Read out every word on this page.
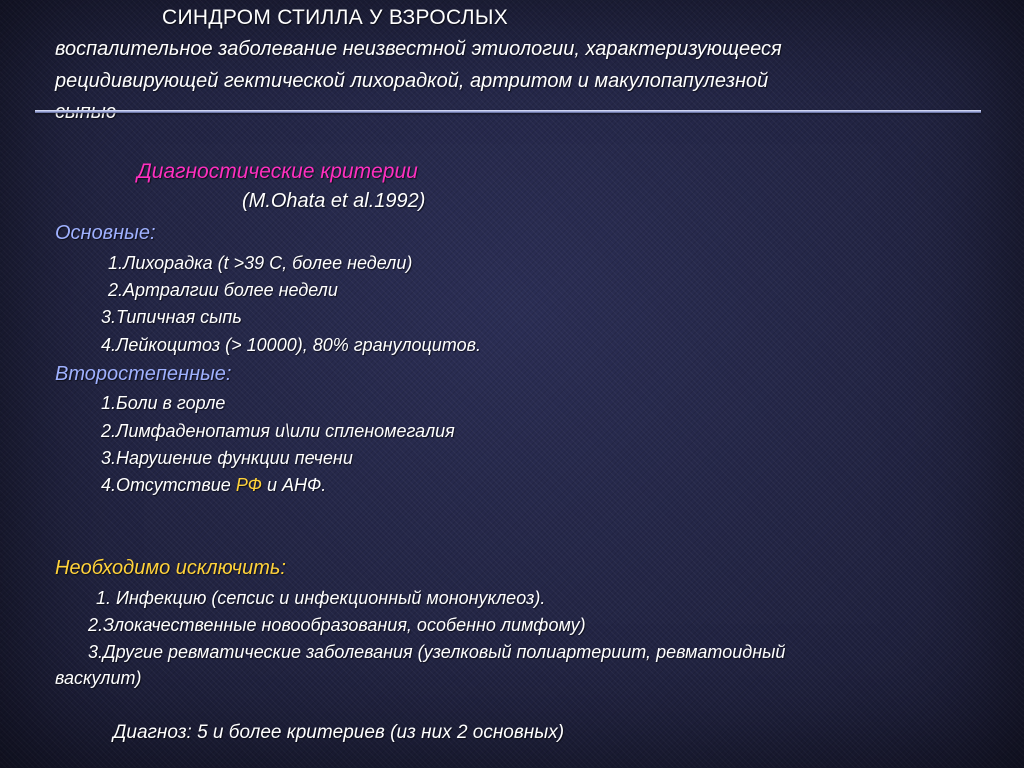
СИНДРОМ СТИЛЛА У ВЗРОСЛЫХ
воспалительное заболевание неизвестной этиологии, характеризующееся
рецидивирующей гектической лихорадкой, артритом и макулопапулезной
Диагностические критерии
(M.Ohata et al.1992)
Основные:
1.Лихорадка (t >39 С, более недели)
2.Артралгии более недели
3.Типичная сыпь
4.Лейкоцитоз (> 10000), 80% гранулоцитов.
Второстепенные:
1.Боли в горле
2.Лимфаденопатия и\или спленомегалия
3.Нарушение функции печени
4.Отсутствие РФ и АНФ.
Необходимо исключить:
1. Инфекцию (сепсис и инфекционный мононуклеоз).
2.Злокачественные новообразования, особенно лимфому)
3.Другие ревматические заболевания (узелковый полиартериит, ревматоидный
васкулит)
Диагноз: 5 и более критериев (из них 2 основных)
